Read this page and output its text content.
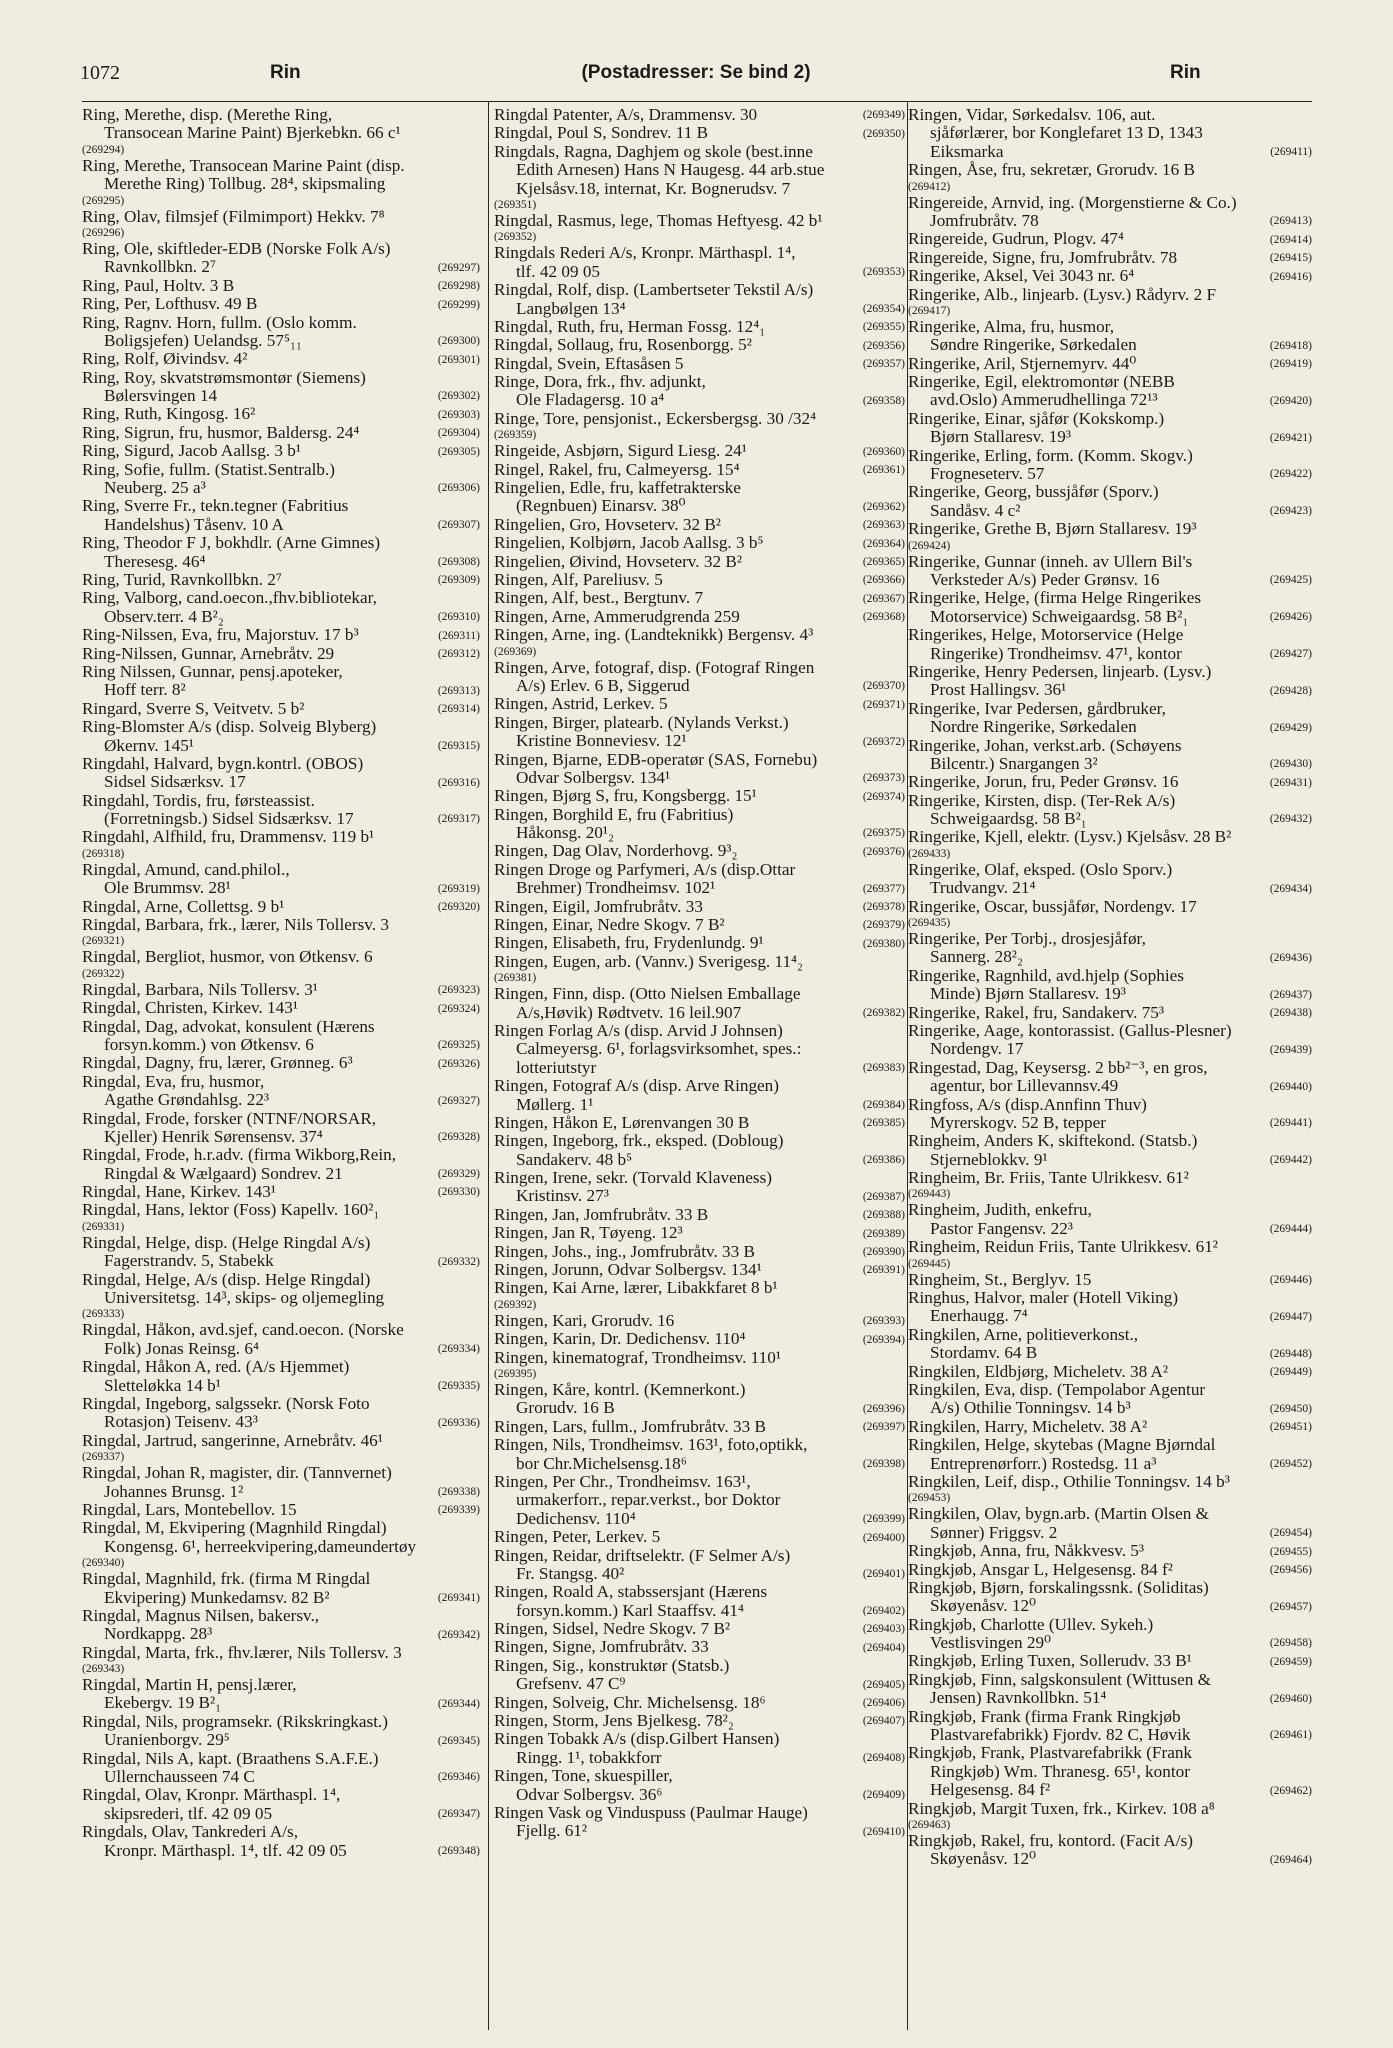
1072	Rin	(Postadresser: Se bind 2)	Rin
Ring, Merethe, disp. (Merethe Ring,
Transocean Marine Paint) Bjerkebkn. 66 c¹
(269294)
Ring, Merethe, Transocean Marine Paint (disp.
Merethe Ring) Tollbug. 28⁴, skipsmaling
(269295)
Ring, Olav, filmsjef (Filmimport) Hekkv. 7⁸
(269296)
Ring, Ole, skiftleder-EDB (Norske Folk A/s)
Ravnkollbkn. 2⁷	(269297)
Ring, Paul, Holtv. 3 B	(269298)
Ring, Per, Lofthusv. 49 B	(269299)
Ring, Ragnv. Horn, fullm. (Oslo komm.
Boligsjefen) Uelandsg. 57⁵₁₁	(269300)
Ring, Rolf, Øivindsv. 4²	(269301)
Ring, Roy, skvatstrømsmontør (Siemens)
Bølersvingen 14	(269302)
Ring, Ruth, Kingosg. 16²	(269303)
Ring, Sigrun, fru, husmor, Baldersg. 24⁴	(269304)
Ring, Sigurd, Jacob Aallsg. 3 b¹	(269305)
Ring, Sofie, fullm. (Statist.Sentralb.)
Neuberg. 25 a³	(269306)
Ring, Sverre Fr., tekn.tegner (Fabritius
Handelshus) Tåsenv. 10 A	(269307)
Ring, Theodor F J, bokhdlr. (Arne Gimnes)
Theresesg. 46⁴	(269308)
Ring, Turid, Ravnkollbkn. 2⁷	(269309)
Ring, Valborg, cand.oecon.,fhv.bibliotekar,
Observ.terr. 4 B²₂	(269310)
Ring-Nilssen, Eva, fru, Majorstuv. 17 b³	(269311)
Ring-Nilssen, Gunnar, Arnebråtv. 29	(269312)
Ring Nilssen, Gunnar, pensj.apoteker,
Hoff terr. 8²	(269313)
Ringard, Sverre S, Veitvetv. 5 b²	(269314)
Ring-Blomster A/s (disp. Solveig Blyberg)
Økernv. 145¹	(269315)
Ringdahl, Halvard, bygn.kontrl. (OBOS)
Sidsel Sidsærksv. 17	(269316)
Ringdahl, Tordis, fru, førsteassist.
(Forretningsb.) Sidsel Sidsærksv. 17	(269317)
Ringdahl, Alfhild, fru, Drammensv. 119 b¹
(269318)
Ringdal, Amund, cand.philol.,
Ole Brummsv. 28¹	(269319)
Ringdal, Arne, Collettsg. 9 b¹	(269320)
Ringdal, Barbara, frk., lærer, Nils Tollersv. 3
(269321)
Ringdal, Bergliot, husmor, von Øtkensv. 6
(269322)
Ringdal, Barbara, Nils Tollersv. 3¹	(269323)
Ringdal, Christen, Kirkev. 143¹	(269324)
Ringdal, Dag, advokat, konsulent (Hærens
forsyn.komm.) von Øtkensv. 6	(269325)
Ringdal, Dagny, fru, lærer, Grønneg. 6³	(269326)
Ringdal, Eva, fru, husmor,
Agathe Grøndahlsg. 22³	(269327)
Ringdal, Frode, forsker (NTNF/NORSAR,
Kjeller) Henrik Sørensensv. 37⁴	(269328)
Ringdal, Frode, h.r.adv. (firma Wikborg,Rein,
Ringdal & Wælgaard) Sondrev. 21	(269329)
Ringdal, Hane, Kirkev. 143¹	(269330)
Ringdal, Hans, lektor (Foss) Kapellv. 160²₁
(269331)
Ringdal, Helge, disp. (Helge Ringdal A/s)
Fagerstrandv. 5, Stabekk	(269332)
Ringdal, Helge, A/s (disp. Helge Ringdal)
Universitetsg. 14³, skips- og oljemegling
(269333)
Ringdal, Håkon, avd.sjef, cand.oecon. (Norske
Folk) Jonas Reinsg. 6⁴	(269334)
Ringdal, Håkon A, red. (A/s Hjemmet)
Sletteløkka 14 b¹	(269335)
Ringdal, Ingeborg, salgssekr. (Norsk Foto
Rotasjon) Teisenv. 43³	(269336)
Ringdal, Jartrud, sangerinne, Arnebråtv. 46¹
(269337)
Ringdal, Johan R, magister, dir. (Tannvernet)
Johannes Brunsg. 1²	(269338)
Ringdal, Lars, Montebellov. 15	(269339)
Ringdal, M, Ekvipering (Magnhild Ringdal)
Kongensg. 6¹, herreekvipering,dameundertøy
(269340)
Ringdal, Magnhild, frk. (firma M Ringdal
Ekvipering) Munkedamsv. 82 B²	(269341)
Ringdal, Magnus Nilsen, bakersv.,
Nordkappg. 28³	(269342)
Ringdal, Marta, frk., fhv.lærer, Nils Tollersv. 3
(269343)
Ringdal, Martin H, pensj.lærer,
Ekebergv. 19 B²₁	(269344)
Ringdal, Nils, programsekr. (Rikskringkast.)
Uranienborgv. 29⁵	(269345)
Ringdal, Nils A, kapt. (Braathens S.A.F.E.)
Ullernchausseen 74 C	(269346)
Ringdal, Olav, Kronpr. Märthaspl. 1⁴,
skipsrederi, tlf. 42 09 05	(269347)
Ringdals, Olav, Tankrederi A/s,
Kronpr. Märthaspl. 1⁴, tlf. 42 09 05	(269348)
Ringdal Patenter, A/s, Drammensv. 30	(269349)
Ringdal, Poul S, Sondrev. 11 B	(269350)
Ringdals, Ragna, Daghjem og skole (best.inne
Edith Arnesen) Hans N Haugesg. 44 arb.stue
Kjelsåsv.18, internat, Kr. Bognerudsv. 7
(269351)
Ringdal, Rasmus, lege, Thomas Heftyesg. 42 b¹
(269352)
Ringdals Rederi A/s, Kronpr. Märthaspl. 1⁴,
tlf. 42 09 05	(269353)
Ringdal, Rolf, disp. (Lambertseter Tekstil A/s)
Langbølgen 13⁴	(269354)
Ringdal, Ruth, fru, Herman Fossg. 12⁴₁	(269355)
Ringdal, Sollaug, fru, Rosenborgg. 5²	(269356)
Ringdal, Svein, Eftasåsen 5	(269357)
Ringe, Dora, frk., fhv. adjunkt,
Ole Fladagersg. 10 a⁴	(269358)
Ringe, Tore, pensjonist., Eckersbergsg. 30 /32⁴
(269359)
Ringeide, Asbjørn, Sigurd Liesg. 24¹	(269360)
Ringel, Rakel, fru, Calmeyersg. 15⁴	(269361)
Ringelien, Edle, fru, kaffetrakterske
(Regnbuen) Einarsv. 38⁰	(269362)
Ringelien, Gro, Hovseterv. 32 B²	(269363)
Ringelien, Kolbjørn, Jacob Aallsg. 3 b⁵	(269364)
Ringelien, Øivind, Hovseterv. 32 B²	(269365)
Ringen, Alf, Pareliusv. 5	(269366)
Ringen, Alf, best., Bergtunv. 7	(269367)
Ringen, Arne, Ammerudgrenda 259	(269368)
Ringen, Arne, ing. (Landteknikk) Bergensv. 4³
(269369)
Ringen, Arve, fotograf, disp. (Fotograf Ringen
A/s) Erlev. 6 B, Siggerud	(269370)
Ringen, Astrid, Lerkev. 5	(269371)
Ringen, Birger, platearb. (Nylands Verkst.)
Kristine Bonneviesv. 12¹	(269372)
Ringen, Bjarne, EDB-operatør (SAS, Fornebu)
Odvar Solbergsv. 134¹	(269373)
Ringen, Bjørg S, fru, Kongsbergg. 15¹	(269374)
Ringen, Borghild E, fru (Fabritius)
Håkonsg. 20¹₂	(269375)
Ringen, Dag Olav, Norderhovg. 9³₂	(269376)
Ringen Droge og Parfymeri, A/s (disp.Ottar
Brehmer) Trondheimsv. 102¹	(269377)
Ringen, Eigil, Jomfrubråtv. 33	(269378)
Ringen, Einar, Nedre Skogv. 7 B²	(269379)
Ringen, Elisabeth, fru, Frydenlundg. 9¹	(269380)
Ringen, Eugen, arb. (Vannv.) Sverigesg. 11⁴₂
(269381)
Ringen, Finn, disp. (Otto Nielsen Emballage
A/s,Høvik) Rødtvetv. 16 leil.907	(269382)
Ringen Forlag A/s (disp. Arvid J Johnsen)
Calmeyersg. 6¹, forlagsvirksomhet, spes.:
lotteriutstyr	(269383)
Ringen, Fotograf A/s (disp. Arve Ringen)
Møllerg. 1¹	(269384)
Ringen, Håkon E, Lørenvangen 30 B	(269385)
Ringen, Ingeborg, frk., eksped. (Dobloug)
Sandakerv. 48 b⁵	(269386)
Ringen, Irene, sekr. (Torvald Klaveness)
Kristinsv. 27³	(269387)
Ringen, Jan, Jomfrubråtv. 33 B	(269388)
Ringen, Jan R, Tøyeng. 12³	(269389)
Ringen, Johs., ing., Jomfrubråtv. 33 B	(269390)
Ringen, Jorunn, Odvar Solbergsv. 134¹	(269391)
Ringen, Kai Arne, lærer, Libakkfaret 8 b¹
(269392)
Ringen, Kari, Grorudv. 16	(269393)
Ringen, Karin, Dr. Dedichensv. 110⁴	(269394)
Ringen, kinematograf, Trondheimsv. 110¹
(269395)
Ringen, Kåre, kontrl. (Kemnerkont.)
Grorudv. 16 B	(269396)
Ringen, Lars, fullm., Jomfrubråtv. 33 B	(269397)
Ringen, Nils, Trondheimsv. 163¹, foto,optikk,
bor Chr.Michelsensg.18⁶	(269398)
Ringen, Per Chr., Trondheimsv. 163¹,
urmakerforr., repar.verkst., bor Doktor
Dedichensv. 110⁴	(269399)
Ringen, Peter, Lerkev. 5	(269400)
Ringen, Reidar, driftselektr. (F Selmer A/s)
Fr. Stangsg. 40²	(269401)
Ringen, Roald A, stabssersjant (Hærens
forsyn.komm.) Karl Staaffsv. 41⁴	(269402)
Ringen, Sidsel, Nedre Skogv. 7 B²	(269403)
Ringen, Signe, Jomfrubråtv. 33	(269404)
Ringen, Sig., konstruktør (Statsb.)
Grefsenv. 47 C⁹	(269405)
Ringen, Solveig, Chr. Michelsensg. 18⁶	(269406)
Ringen, Storm, Jens Bjelkesg. 78²₂	(269407)
Ringen Tobakk A/s (disp.Gilbert Hansen)
Ringg. 1¹, tobakkforr	(269408)
Ringen, Tone, skuespiller,
Odvar Solbergsv. 36⁶	(269409)
Ringen Vask og Vinduspuss (Paulmar Hauge)
Fjellg. 61²	(269410)
Ringen, Vidar, Sørkedalsv. 106, aut.
sjåførlærer, bor Konglefaret 13 D, 1343
Eiksmarka	(269411)
Ringen, Åse, fru, sekretær, Grorudv. 16 B
(269412)
Ringereide, Arnvid, ing. (Morgenstierne & Co.)
Jomfrubråtv. 78	(269413)
Ringereide, Gudrun, Plogv. 47⁴	(269414)
Ringereide, Signe, fru, Jomfrubråtv. 78	(269415)
Ringerike, Aksel, Vei 3043 nr. 6⁴	(269416)
Ringerike, Alb., linjearb. (Lysv.) Rådyrv. 2 F
(269417)
Ringerike, Alma, fru, husmor,
Søndre Ringerike, Sørkedalen	(269418)
Ringerike, Aril, Stjernemyrv. 44⁰	(269419)
Ringerike, Egil, elektromontør (NEBB
avd.Oslo) Ammerudhellinga 72¹³	(269420)
Ringerike, Einar, sjåfør (Kokskomp.)
Bjørn Stallaresv. 19³	(269421)
Ringerike, Erling, form. (Komm. Skogv.)
Frogneseterv. 57	(269422)
Ringerike, Georg, bussjåfør (Sporv.)
Sandåsv. 4 c²	(269423)
Ringerike, Grethe B, Bjørn Stallaresv. 19³
(269424)
Ringerike, Gunnar (inneh. av Ullern Bil's
Verksteder A/s) Peder Grønsv. 16	(269425)
Ringerike, Helge, (firma Helge Ringerikes
Motorservice) Schweigaardsg. 58 B²₁	(269426)
Ringerikes, Helge, Motorservice (Helge
Ringerike) Trondheimsv. 47¹, kontor	(269427)
Ringerike, Henry Pedersen, linjearb. (Lysv.)
Prost Hallingsv. 36¹	(269428)
Ringerike, Ivar Pedersen, gårdbruker,
Nordre Ringerike, Sørkedalen	(269429)
Ringerike, Johan, verkst.arb. (Schøyens
Bilcentr.) Snargangen 3²	(269430)
Ringerike, Jorun, fru, Peder Grønsv. 16	(269431)
Ringerike, Kirsten, disp. (Ter-Rek A/s)
Schweigaardsg. 58 B²₁	(269432)
Ringerike, Kjell, elektr. (Lysv.) Kjelsåsv. 28 B²
(269433)
Ringerike, Olaf, eksped. (Oslo Sporv.)
Trudvangv. 21⁴	(269434)
Ringerike, Oscar, bussjåfør, Nordengv. 17
(269435)
Ringerike, Per Torbj., drosjesjåfør,
Sannerg. 28²₂	(269436)
Ringerike, Ragnhild, avd.hjelp (Sophies
Minde) Bjørn Stallaresv. 19³	(269437)
Ringerike, Rakel, fru, Sandakerv. 75³	(269438)
Ringerike, Aage, kontorassist. (Gallus-Plesner)
Nordengv. 17	(269439)
Ringestad, Dag, Keysersg. 2 bb²⁻³, en gros,
agentur, bor Lillevannsv.49	(269440)
Ringfoss, A/s (disp.Annfinn Thuv)
Myrerskogv. 52 B, tepper	(269441)
Ringheim, Anders K, skiftekond. (Statsb.)
Stjerneblokkv. 9¹	(269442)
Ringheim, Br. Friis, Tante Ulrikkesv. 61²
(269443)
Ringheim, Judith, enkefru,
Pastor Fangensv. 22³	(269444)
Ringheim, Reidun Friis, Tante Ulrikkesv. 61²
(269445)
Ringheim, St., Berglyv. 15	(269446)
Ringhus, Halvor, maler (Hotell Viking)
Enerhaugg. 7⁴	(269447)
Ringkilen, Arne, politieverkonst.,
Stordamv. 64 B	(269448)
Ringkilen, Eldbjørg, Micheletv. 38 A²	(269449)
Ringkilen, Eva, disp. (Tempolabor Agentur
A/s) Othilie Tonningsv. 14 b³	(269450)
Ringkilen, Harry, Micheletv. 38 A²	(269451)
Ringkilen, Helge, skytebas (Magne Bjørndal
Entreprenørforr.) Rostedsg. 11 a³	(269452)
Ringkilen, Leif, disp., Othilie Tonningsv. 14 b³
(269453)
Ringkilen, Olav, bygn.arb. (Martin Olsen &
Sønner) Friggsv. 2	(269454)
Ringkjøb, Anna, fru, Nåkkvesv. 5³	(269455)
Ringkjøb, Ansgar L, Helgesensg. 84 f²	(269456)
Ringkjøb, Bjørn, forskalingssnk. (Soliditas)
Skøyenåsv. 12⁰	(269457)
Ringkjøb, Charlotte (Ullev. Sykeh.)
Vestlisvingen 29⁰	(269458)
Ringkjøb, Erling Tuxen, Sollerudv. 33 B¹	(269459)
Ringkjøb, Finn, salgskonsulent (Wittusen &
Jensen) Ravnkollbkn. 51⁴	(269460)
Ringkjøb, Frank (firma Frank Ringkjøb
Plastvarefabrikk) Fjordv. 82 C, Høvik	(269461)
Ringkjøb, Frank, Plastvarefabrikk (Frank
Ringkjøb) Wm. Thranesg. 65¹, kontor
Helgesensg. 84 f²	(269462)
Ringkjøb, Margit Tuxen, frk., Kirkev. 108 a⁸
(269463)
Ringkjøb, Rakel, fru, kontord. (Facit A/s)
Skøyenåsv. 12⁰	(269464)
